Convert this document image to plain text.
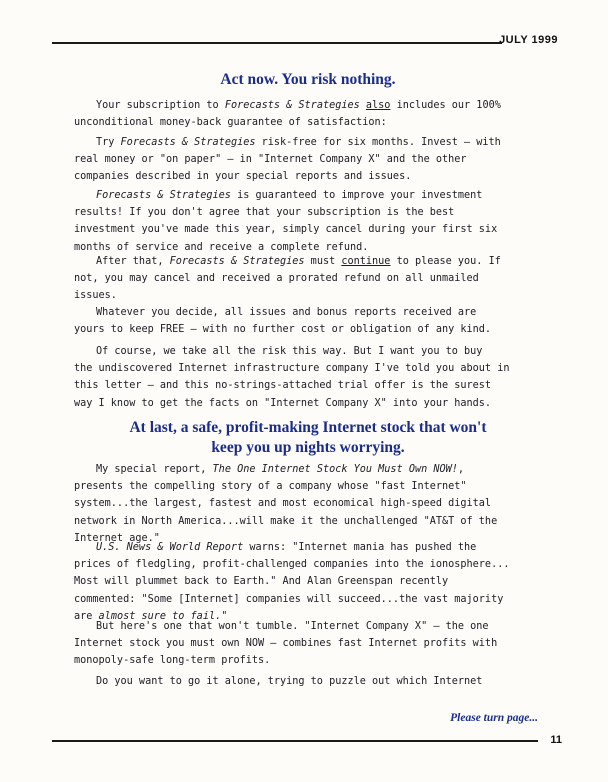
JULY 1999
Act now. You risk nothing.

Your subscription to Forecasts & Strategies also includes our 100%
unconditional money-back guarantee of satisfaction:

Try Forecasts & Strategies risk-free for six months. Invest — with
real money or "on paper" — in "Internet Company X" and the other
companies described in your special reports and issues.

Forecasts & Strategies is guaranteed to improve your investment
results! If you don't agree that your subscription is the best
investment you've made this year, simply cancel during your first six
months of service and receive a complete refund.

After that, Forecasts & Strategies must continue to please you. If
not, you may cancel and received a prorated refund on all unmailed
issues.

Whatever you decide, all issues and bonus reports received are
yours to keep FREE — with no further cost or obligation of any kind.

Of course, we take all the risk this way. But I want you to buy
the undiscovered Internet infrastructure company I've told you about in
this letter — and this no-strings-attached trial offer is the surest
way I know to get the facts on "Internet Company X" into your hands.

At last, a safe, profit-making Internet stock that won't
keep you up nights worrying.

My special report, The One Internet Stock You Must Own NOW!,
presents the compelling story of a company whose "fast Internet"
system...the largest, fastest and most economical high-speed digital
network in North America...will make it the unchallenged "AT&T of the
Internet age."

U.S. News & World Report warns: "Internet mania has pushed the
prices of fledgling, profit-challenged companies into the ionosphere...
Most will plummet back to Earth." And Alan Greenspan recently
commented: "Some [Internet] companies will succeed...the vast majority
are almost sure to fail."

But here's one that won't tumble. "Internet Company X" — the one
Internet stock you must own NOW — combines fast Internet profits with
monopoly-safe long-term profits.

Do you want to go it alone, trying to puzzle out which Internet

Please turn page...
11
